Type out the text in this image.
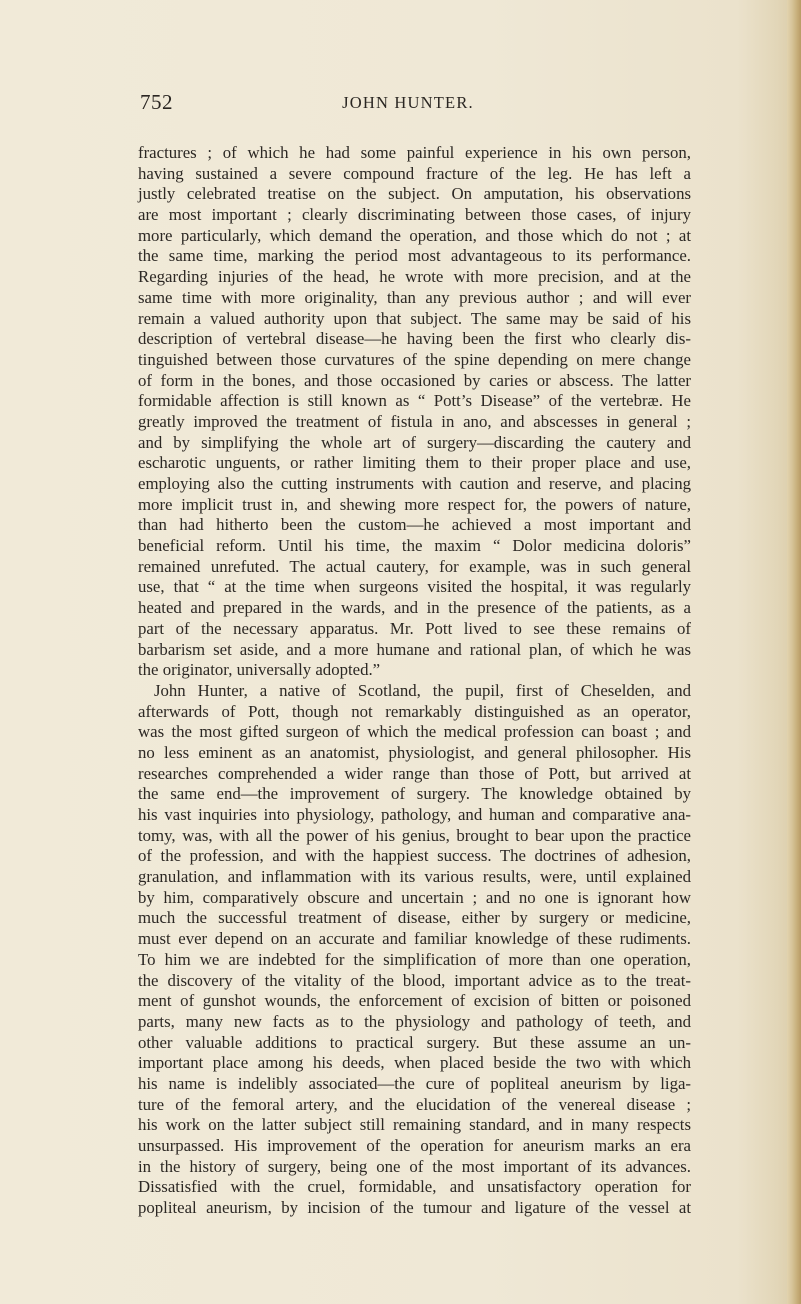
752	JOHN HUNTER.
fractures ; of which he had some painful experience in his own person,
having sustained a severe compound fracture of the leg. He has left a
justly celebrated treatise on the subject. On amputation, his observations
are most important ; clearly discriminating between those cases, of injury
more particularly, which demand the operation, and those which do not ; at
the same time, marking the period most advantageous to its performance.
Regarding injuries of the head, he wrote with more precision, and at the
same time with more originality, than any previous author ; and will ever
remain a valued authority upon that subject. The same may be said of his
description of vertebral disease—he having been the first who clearly dis-
tinguished between those curvatures of the spine depending on mere change
of form in the bones, and those occasioned by caries or abscess. The latter
formidable affection is still known as “ Pott’s Disease” of the vertebræ. He
greatly improved the treatment of fistula in ano, and abscesses in general ;
and by simplifying the whole art of surgery—discarding the cautery and
escharotic unguents, or rather limiting them to their proper place and use,
employing also the cutting instruments with caution and reserve, and placing
more implicit trust in, and shewing more respect for, the powers of nature,
than had hitherto been the custom—he achieved a most important and
beneficial reform. Until his time, the maxim “ Dolor medicina doloris”
remained unrefuted. The actual cautery, for example, was in such general
use, that “ at the time when surgeons visited the hospital, it was regularly
heated and prepared in the wards, and in the presence of the patients, as a
part of the necessary apparatus. Mr. Pott lived to see these remains of
barbarism set aside, and a more humane and rational plan, of which he was
the originator, universally adopted.”
John Hunter, a native of Scotland, the pupil, first of Cheselden, and
afterwards of Pott, though not remarkably distinguished as an operator,
was the most gifted surgeon of which the medical profession can boast ; and
no less eminent as an anatomist, physiologist, and general philosopher. His
researches comprehended a wider range than those of Pott, but arrived at
the same end—the improvement of surgery. The knowledge obtained by
his vast inquiries into physiology, pathology, and human and comparative ana-
tomy, was, with all the power of his genius, brought to bear upon the practice
of the profession, and with the happiest success. The doctrines of adhesion,
granulation, and inflammation with its various results, were, until explained
by him, comparatively obscure and uncertain ; and no one is ignorant how
much the successful treatment of disease, either by surgery or medicine,
must ever depend on an accurate and familiar knowledge of these rudiments.
To him we are indebted for the simplification of more than one operation,
the discovery of the vitality of the blood, important advice as to the treat-
ment of gunshot wounds, the enforcement of excision of bitten or poisoned
parts, many new facts as to the physiology and pathology of teeth, and
other valuable additions to practical surgery. But these assume an un-
important place among his deeds, when placed beside the two with which
his name is indelibly associated—the cure of popliteal aneurism by liga-
ture of the femoral artery, and the elucidation of the venereal disease ;
his work on the latter subject still remaining standard, and in many respects
unsurpassed. His improvement of the operation for aneurism marks an era
in the history of surgery, being one of the most important of its advances.
Dissatisfied with the cruel, formidable, and unsatisfactory operation for
popliteal aneurism, by incision of the tumour and ligature of the vessel at
